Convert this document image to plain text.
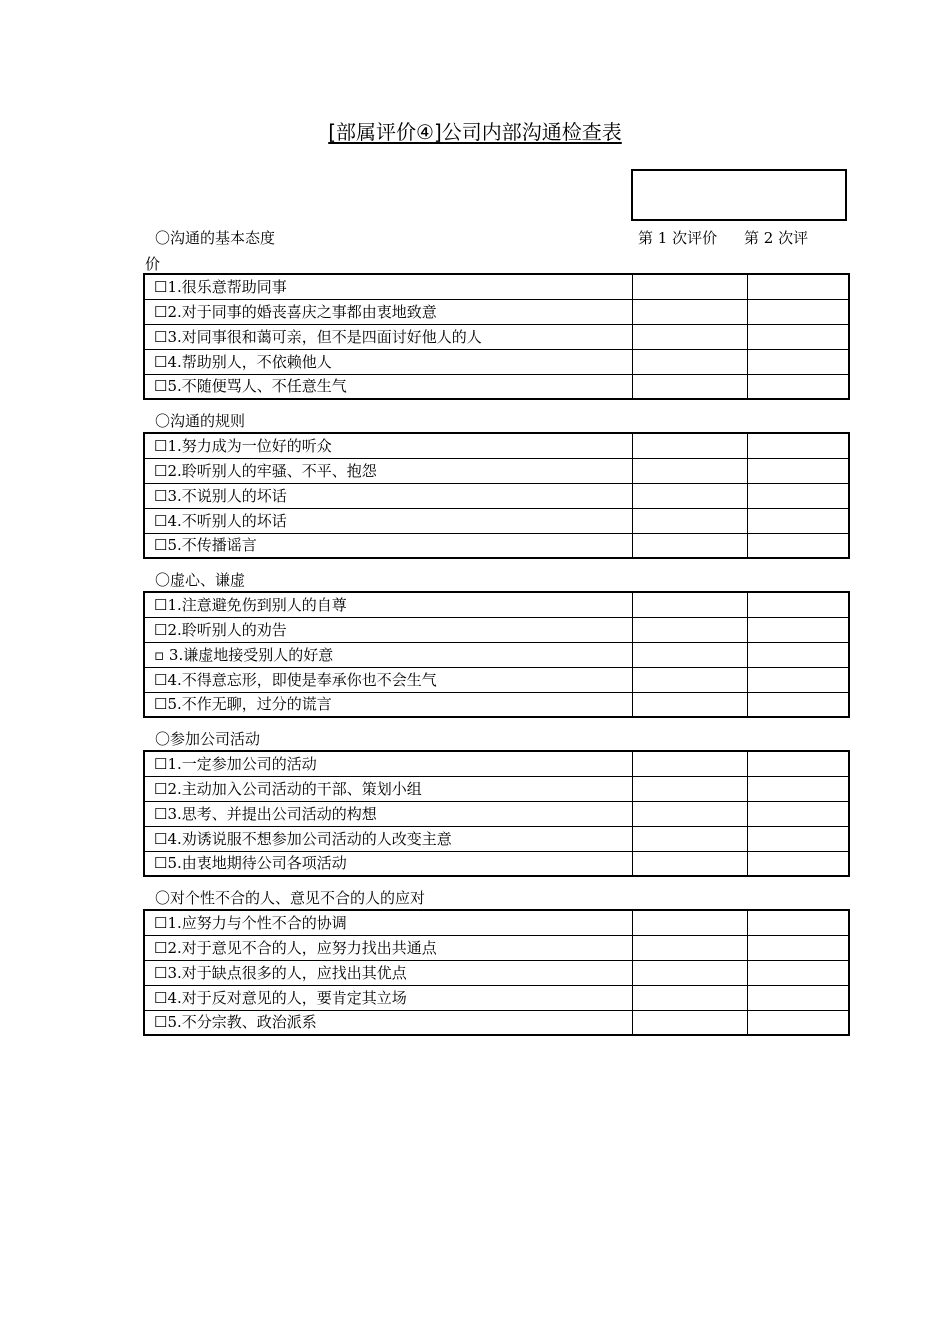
[部属评价④]公司内部沟通检查表
〇沟通的基本态度	第 1 次评价 第 2 次评
价
☐1.很乐意帮助同事		
☐2.对于同事的婚丧喜庆之事都由衷地致意		
☐3.对同事很和蔼可亲，但不是四面讨好他人的人		
☐4.帮助别人，不依赖他人		
☐5.不随便骂人、不任意生气		
〇沟通的规则
☐1.努力成为一位好的听众		
☐2.聆听别人的牢骚、不平、抱怨		
☐3.不说别人的坏话		
☐4.不听别人的坏话		
☐5.不传播谣言		
〇虚心、谦虚
☐1.注意避免伤到别人的自尊		
☐2.聆听别人的劝告		
▫ 3.谦虚地接受别人的好意		
☐4.不得意忘形，即使是奉承你也不会生气		
☐5.不作无聊，过分的谎言		
〇参加公司活动
☐1.一定参加公司的活动		
☐2.主动加入公司活动的干部、策划小组		
☐3.思考、并提出公司活动的构想		
☐4.劝诱说服不想参加公司活动的人改变主意		
☐5.由衷地期待公司各项活动		
〇对个性不合的人、意见不合的人的应对
☐1.应努力与个性不合的协调		
☐2.对于意见不合的人，应努力找出共通点		
☐3.对于缺点很多的人，应找出其优点		
☐4.对于反对意见的人，要肯定其立场		
☐5.不分宗教、政治派系		
